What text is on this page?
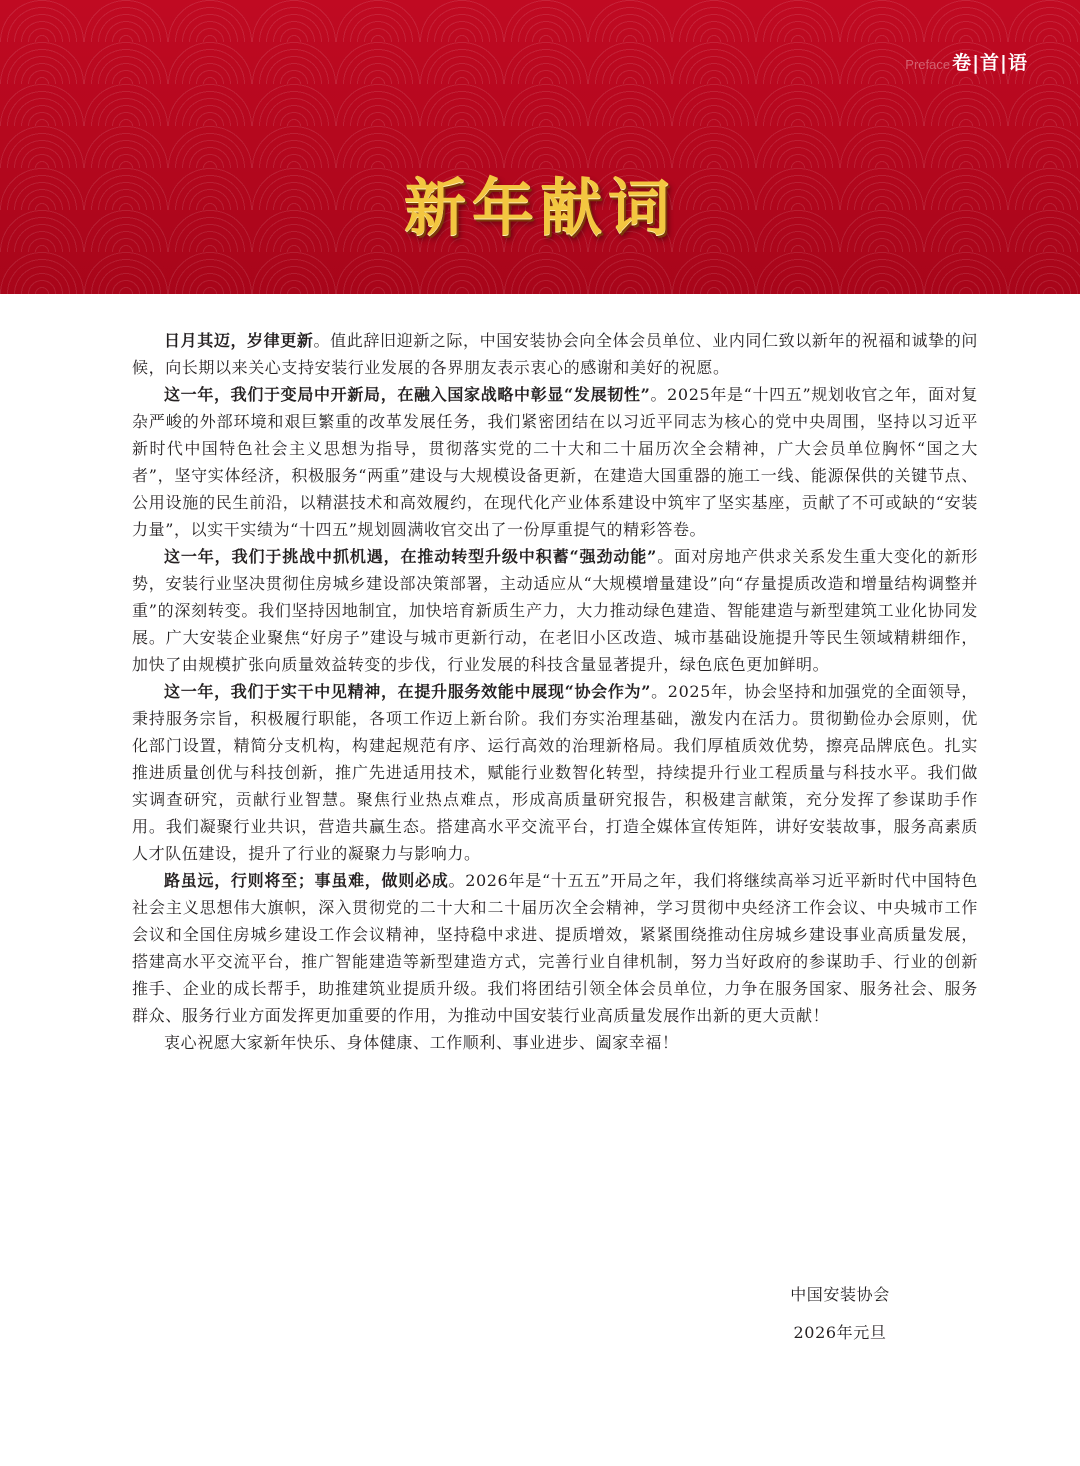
Preface 卷|首|语
新年献词

日月其迈，岁律更新。值此辞旧迎新之际，中国安装协会向全体会员单位、业内同仁致以新年的祝福和诚挚的问候，向长期以来关心支持安装行业发展的各界朋友表示衷心的感谢和美好的祝愿。

这一年，我们于变局中开新局，在融入国家战略中彰显“发展韧性”。2025年是“十四五”规划收官之年，面对复杂严峻的外部环境和艰巨繁重的改革发展任务，我们紧密团结在以习近平同志为核心的党中央周围，坚持以习近平新时代中国特色社会主义思想为指导，贯彻落实党的二十大和二十届历次全会精神，广大会员单位胸怀“国之大者”，坚守实体经济，积极服务“两重”建设与大规模设备更新，在建造大国重器的施工一线、能源保供的关键节点、公用设施的民生前沿，以精湛技术和高效履约，在现代化产业体系建设中筑牢了坚实基座，贡献了不可或缺的“安装力量”，以实干实绩为“十四五”规划圆满收官交出了一份厚重提气的精彩答卷。

这一年，我们于挑战中抓机遇，在推动转型升级中积蓄“强劲动能”。面对房地产供求关系发生重大变化的新形势，安装行业坚决贯彻住房城乡建设部决策部署，主动适应从“大规模增量建设”向“存量提质改造和增量结构调整并重”的深刻转变。我们坚持因地制宜，加快培育新质生产力，大力推动绿色建造、智能建造与新型建筑工业化协同发展。广大安装企业聚焦“好房子”建设与城市更新行动，在老旧小区改造、城市基础设施提升等民生领域精耕细作，加快了由规模扩张向质量效益转变的步伐，行业发展的科技含量显著提升，绿色底色更加鲜明。

这一年，我们于实干中见精神，在提升服务效能中展现“协会作为”。2025年，协会坚持和加强党的全面领导，秉持服务宗旨，积极履行职能，各项工作迈上新台阶。我们夯实治理基础，激发内在活力。贯彻勤俭办会原则，优化部门设置，精简分支机构，构建起规范有序、运行高效的治理新格局。我们厚植质效优势，擦亮品牌底色。扎实推进质量创优与科技创新，推广先进适用技术，赋能行业数智化转型，持续提升行业工程质量与科技水平。我们做实调查研究，贡献行业智慧。聚焦行业热点难点，形成高质量研究报告，积极建言献策，充分发挥了参谋助手作用。我们凝聚行业共识，营造共赢生态。搭建高水平交流平台，打造全媒体宣传矩阵，讲好安装故事，服务高素质人才队伍建设，提升了行业的凝聚力与影响力。

路虽远，行则将至；事虽难，做则必成。2026年是“十五五”开局之年，我们将继续高举习近平新时代中国特色社会主义思想伟大旗帜，深入贯彻党的二十大和二十届历次全会精神，学习贯彻中央经济工作会议、中央城市工作会议和全国住房城乡建设工作会议精神，坚持稳中求进、提质增效，紧紧围绕推动住房城乡建设事业高质量发展，搭建高水平交流平台，推广智能建造等新型建造方式，完善行业自律机制，努力当好政府的参谋助手、行业的创新推手、企业的成长帮手，助推建筑业提质升级。我们将团结引领全体会员单位，力争在服务国家、服务社会、服务群众、服务行业方面发挥更加重要的作用，为推动中国安装行业高质量发展作出新的更大贡献！

衷心祝愿大家新年快乐、身体健康、工作顺利、事业进步、阖家幸福！

中国安装协会
2026年元旦
